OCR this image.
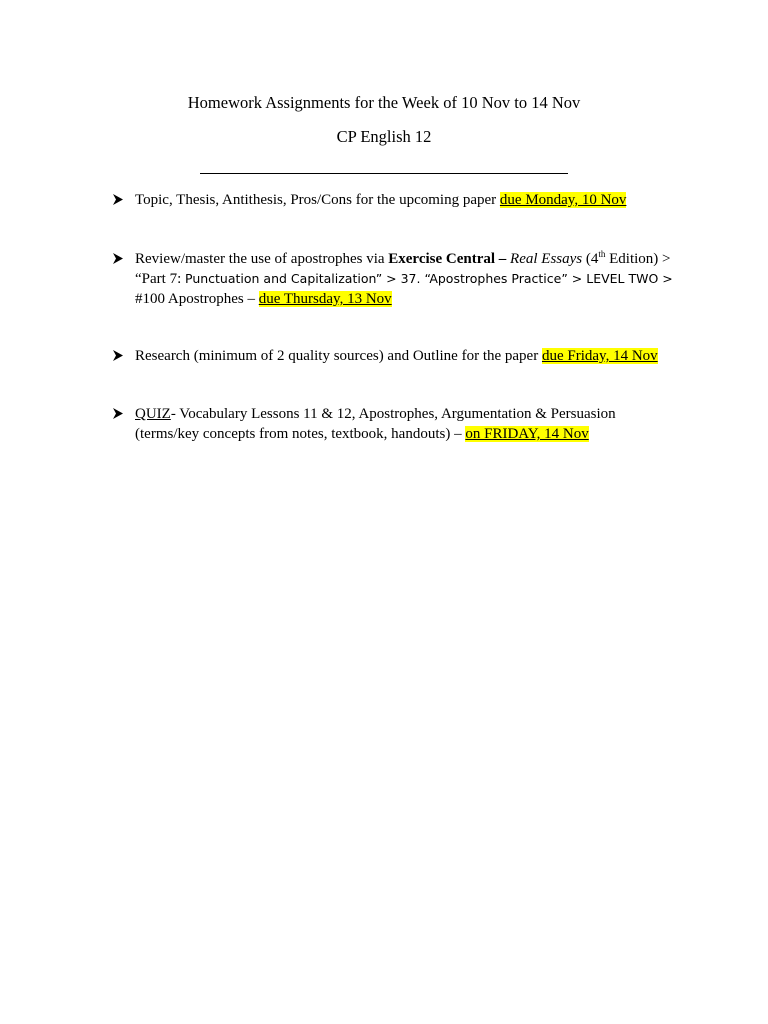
Homework Assignments for the Week of 10 Nov to 14 Nov
CP English 12
Topic, Thesis, Antithesis, Pros/Cons for the upcoming paper due Monday, 10 Nov
Review/master the use of apostrophes via Exercise Central – Real Essays (4th Edition) >
“Part 7: Punctuation and Capitalization” > 37. “Apostrophes Practice” > LEVEL TWO >
#100 Apostrophes – due Thursday, 13 Nov
Research (minimum of 2 quality sources) and Outline for the paper due Friday, 14 Nov
QUIZ- Vocabulary Lessons 11 & 12, Apostrophes, Argumentation & Persuasion
(terms/key concepts from notes, textbook, handouts) – on FRIDAY, 14 Nov
